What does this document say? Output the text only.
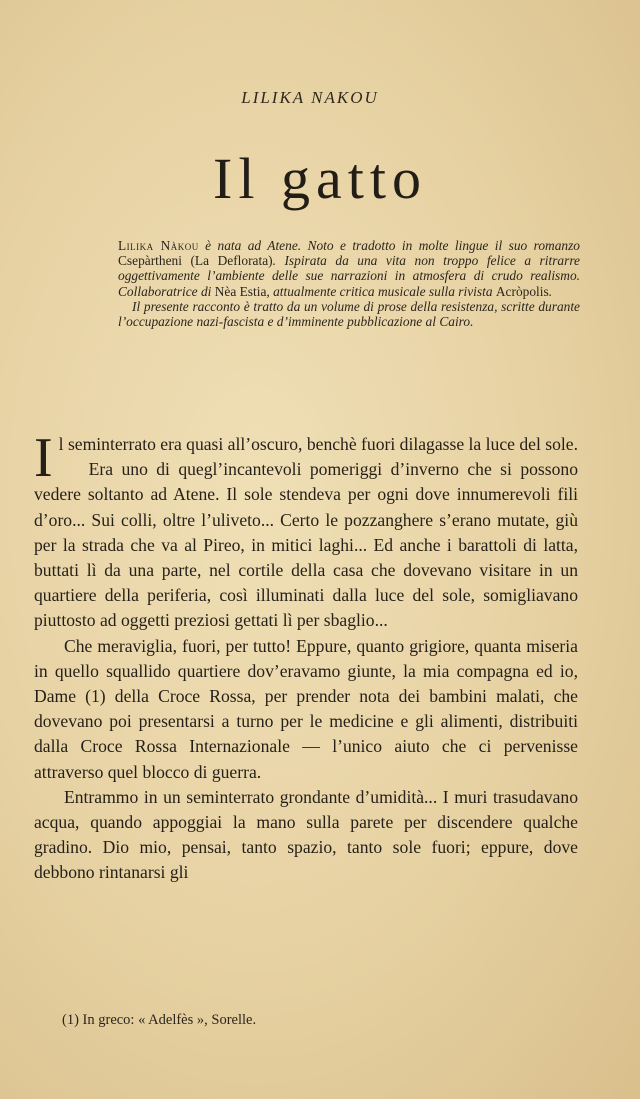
LILIKA NAKOU
Il gatto

Lilika Nàkou è nata ad Atene. Noto e tradotto in molte lingue il suo romanzo Csepàrtheni (La Deflorata). Ispirata da una vita non troppo felice a ritrarre oggettivamente l’ambiente delle sue narrazioni in atmosfera di crudo realismo. Collaboratrice di Nèa Estia, attualmente critica musicale sulla rivista Acròpolis.

Il presente racconto è tratto da un volume di prose della resistenza, scritte durante l’occupazione nazi-fascista e d’imminente pubblicazione al Cairo.

Il seminterrato era quasi all’oscuro, benchè fuori dilagasse la luce del sole.

Era uno di quegl’incantevoli pomeriggi d’inverno che si possono vedere soltanto ad Atene. Il sole stendeva per ogni dove innumerevoli fili d’oro... Sui colli, oltre l’uliveto... Certo le pozzanghere s’erano mutate, giù per la strada che va al Pireo, in mitici laghi... Ed anche i barattoli di latta, buttati lì da una parte, nel cortile della casa che dovevano visitare in un quartiere della periferia, così illuminati dalla luce del sole, somigliavano piuttosto ad oggetti preziosi gettati lì per sbaglio...

Che meraviglia, fuori, per tutto! Eppure, quanto grigiore, quanta miseria in quello squallido quartiere dov’eravamo giunte, la mia compagna ed io, Dame (1) della Croce Rossa, per prender nota dei bambini malati, che dovevano poi presentarsi a turno per le medicine e gli alimenti, distribuiti dalla Croce Rossa Internazionale — l’unico aiuto che ci pervenisse attraverso quel blocco di guerra.

Entrammo in un seminterrato grondante d’umidità... I muri trasudavano acqua, quando appoggiai la mano sulla parete per discendere qualche gradino. Dio mio, pensai, tanto spazio, tanto sole fuori; eppure, dove debbono rintanarsi gli

(1) In greco: « Adelfès », Sorelle.
